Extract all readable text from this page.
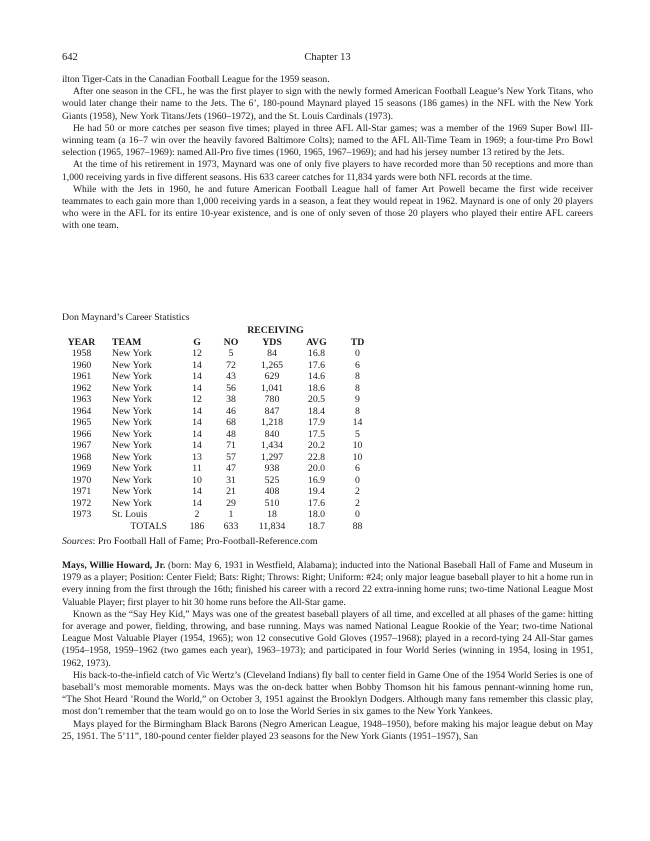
642	Chapter 13

ilton Tiger-Cats in the Canadian Football League for the 1959 season.

After one season in the CFL, he was the first player to sign with the newly formed American Football League’s New York Titans, who would later change their name to the Jets. The 6’, 180-pound Maynard played 15 seasons (186 games) in the NFL with the New York Giants (1958), New York Titans/Jets (1960–1972), and the St. Louis Cardinals (1973).

He had 50 or more catches per season five times; played in three AFL All-Star games; was a member of the 1969 Super Bowl III-winning team (a 16–7 win over the heavily favored Baltimore Colts); named to the AFL All-Time Team in 1969; a four-time Pro Bowl selection (1965, 1967–1969): named All-Pro five times (1960, 1965, 1967–1969); and had his jersey number 13 retired by the Jets.

At the time of his retirement in 1973, Maynard was one of only five players to have recorded more than 50 receptions and more than 1,000 receiving yards in five different seasons. His 633 career catches for 11,834 yards were both NFL records at the time.

While with the Jets in 1960, he and future American Football League hall of famer Art Powell became the first wide receiver teammates to each gain more than 1,000 receiving yards in a season, a feat they would repeat in 1962. Maynard is one of only 20 players who were in the AFL for its entire 10-year existence, and is one of only seven of those 20 players who played their entire AFL careers with one team.

Don Maynard’s Career Statistics
			RECEIVING			
YEAR	TEAM	G	NO	YDS	AVG	TD
1958	New York	12	5	84	16.8	0
1960	New York	14	72	1,265	17.6	6
1961	New York	14	43	629	14.6	8
1962	New York	14	56	1,041	18.6	8
1963	New York	12	38	780	20.5	9
1964	New York	14	46	847	18.4	8
1965	New York	14	68	1,218	17.9	14
1966	New York	14	48	840	17.5	5
1967	New York	14	71	1,434	20.2	10
1968	New York	13	57	1,297	22.8	10
1969	New York	11	47	938	20.0	6
1970	New York	10	31	525	16.9	0
1971	New York	14	21	408	19.4	2
1972	New York	14	29	510	17.6	2
1973	St. Louis	2	1	18	18.0	0
TOTALS		186	633	11,834	18.7	88
Sources: Pro Football Hall of Fame; Pro-Football-Reference.com

Mays, Willie Howard, Jr. (born: May 6, 1931 in Westfield, Alabama); inducted into the National Baseball Hall of Fame and Museum in 1979 as a player; Position: Center Field; Bats: Right; Throws: Right; Uniform: #24; only major league baseball player to hit a home run in every inning from the first through the 16th; finished his career with a record 22 extra-inning home runs; two-time National League Most Valuable Player; first player to hit 30 home runs before the All-Star game.

Known as the “Say Hey Kid,” Mays was one of the greatest baseball players of all time, and excelled at all phases of the game: hitting for average and power, fielding, throwing, and base running. Mays was named National League Rookie of the Year; two-time National League Most Valuable Player (1954, 1965); won 12 consecutive Gold Gloves (1957–1968); played in a record-tying 24 All-Star games (1954–1958, 1959–1962 (two games each year), 1963–1973); and participated in four World Series (winning in 1954, losing in 1951, 1962, 1973).

His back-to-the-infield catch of Vic Wertz’s (Cleveland Indians) fly ball to center field in Game One of the 1954 World Series is one of baseball’s most memorable moments. Mays was the on-deck batter when Bobby Thomson hit his famous pennant-winning home run, “The Shot Heard ’Round the World,” on October 3, 1951 against the Brooklyn Dodgers. Although many fans remember this classic play, most don’t remember that the team would go on to lose the World Series in six games to the New York Yankees.

Mays played for the Birmingham Black Barons (Negro American League, 1948–1950), before making his major league debut on May 25, 1951. The 5’11”, 180-pound center fielder played 23 seasons for the New York Giants (1951–1957), San
